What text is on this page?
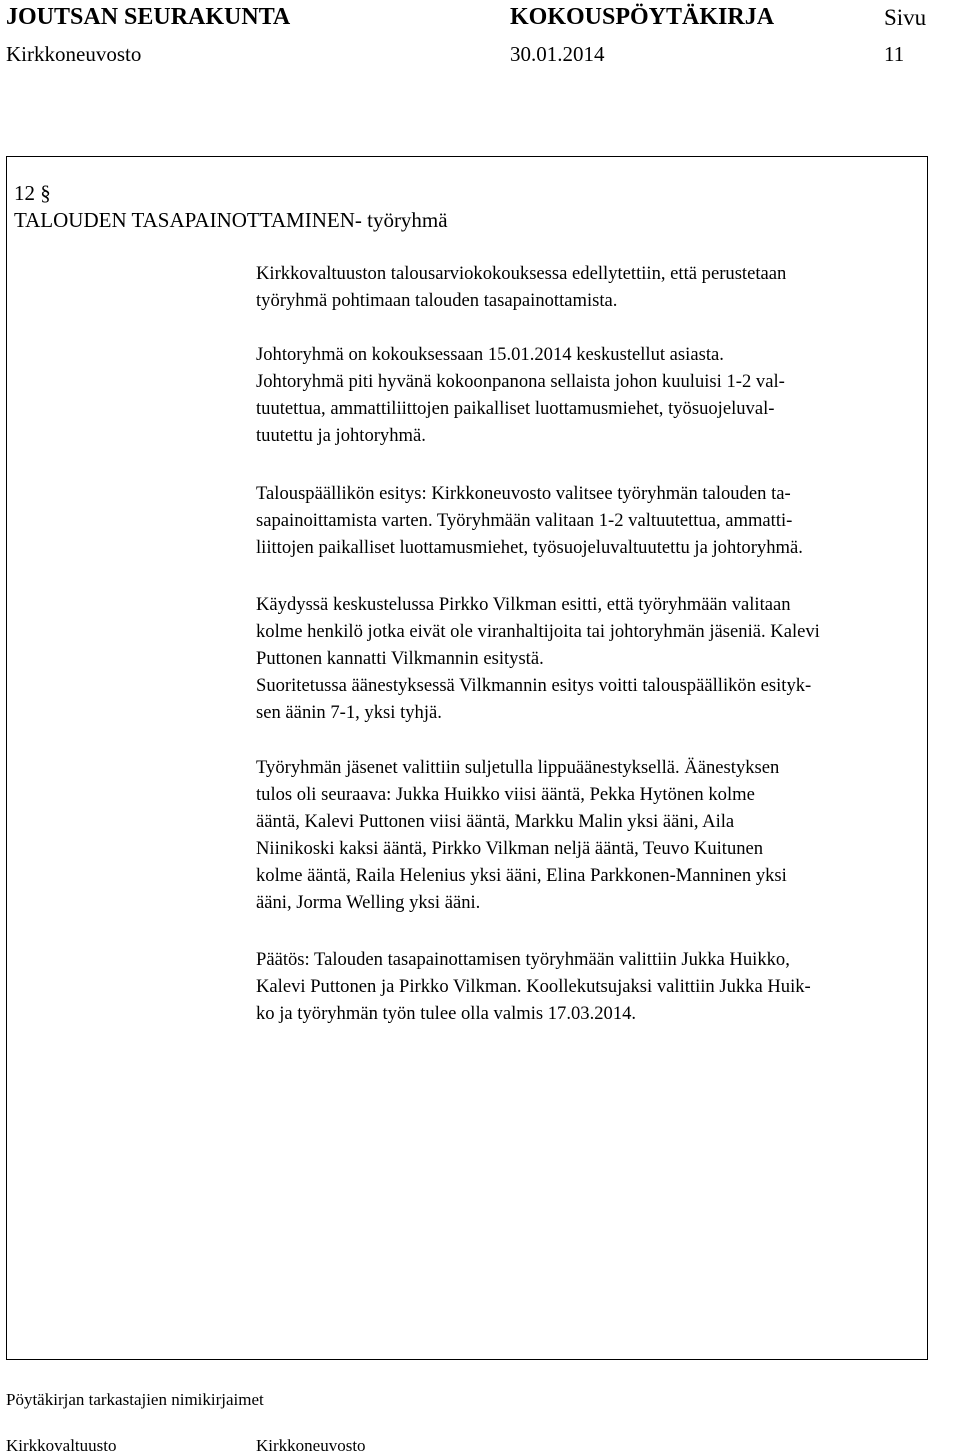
JOUTSAN SEURAKUNTA	KOKOUSPÖYTÄKIRJA	Sivu
Kirkkoneuvosto	30.01.2014	11
12 §
TALOUDEN TASAPAINOTTAMINEN- työryhmä

Kirkkovaltuuston talousarviokokouksessa edellytettiin, että perustetaan
työryhmä pohtimaan talouden tasapainottamista.

Johtoryhmä on kokouksessaan 15.01.2014 keskustellut asiasta.
Johtoryhmä piti hyvänä kokoonpanona sellaista johon kuuluisi 1-2 val-
tuutettua, ammattiliittojen paikalliset luottamusmiehet, työsuojeluval-
tuutettu ja johtoryhmä.

Talouspäällikön esitys: Kirkkoneuvosto valitsee työryhmän talouden ta-
sapainoittamista varten. Työryhmään valitaan 1-2 valtuutettua, ammatti-
liittojen paikalliset luottamusmiehet, työsuojeluvaltuutettu ja johtoryhmä.

Käydyssä keskustelussa Pirkko Vilkman esitti, että työryhmään valitaan
kolme henkilö jotka eivät ole viranhaltijoita tai johtoryhmän jäseniä. Kalevi
Puttonen kannatti Vilkmannin esitystä.
Suoritetussa äänestyksessä Vilkmannin esitys voitti talouspäällikön esityk-
sen äänin 7-1, yksi tyhjä.

Työryhmän jäsenet valittiin suljetulla lippuäänestyksellä. Äänestyksen
tulos oli seuraava: Jukka Huikko viisi ääntä, Pekka Hytönen kolme
ääntä, Kalevi Puttonen viisi ääntä, Markku Malin yksi ääni, Aila
Niinikoski kaksi ääntä, Pirkko Vilkman neljä ääntä, Teuvo Kuitunen
kolme ääntä, Raila Helenius yksi ääni, Elina Parkkonen-Manninen yksi
ääni, Jorma Welling yksi ääni.

Päätös: Talouden tasapainottamisen työryhmään valittiin Jukka Huikko,
Kalevi Puttonen ja Pirkko Vilkman. Koollekutsujaksi valittiin Jukka Huik-
ko ja työryhmän työn tulee olla valmis 17.03.2014.

Pöytäkirjan tarkastajien nimikirjaimet
Kirkkovaltuusto	Kirkkoneuvosto
